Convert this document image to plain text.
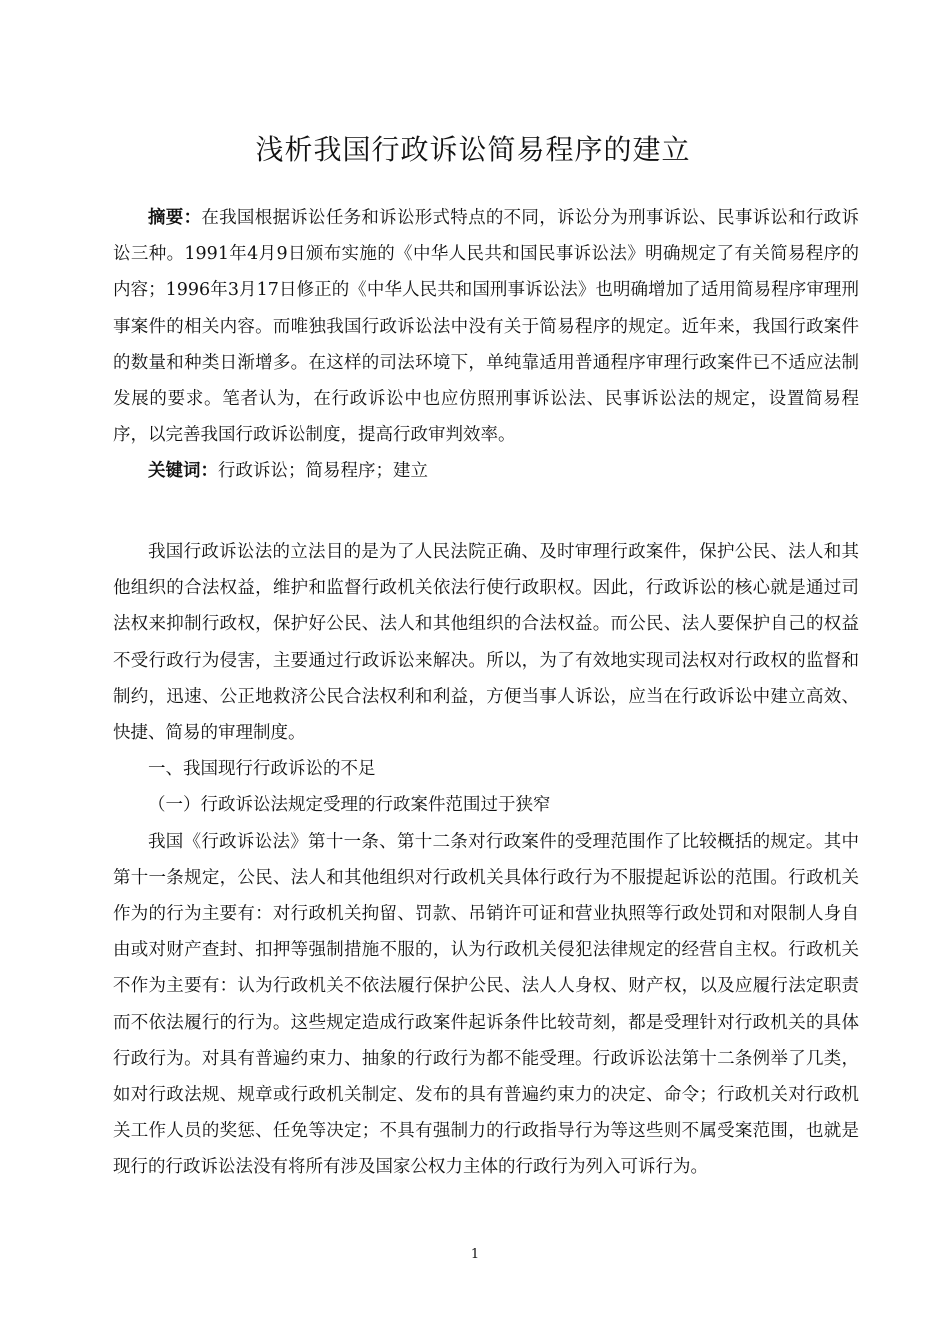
浅析我国行政诉讼简易程序的建立

摘要：在我国根据诉讼任务和诉讼形式特点的不同，诉讼分为刑事诉讼、民事诉讼和行政诉讼三种。1991年4月9日颁布实施的《中华人民共和国民事诉讼法》明确规定了有关简易程序的内容；1996年3月17日修正的《中华人民共和国刑事诉讼法》也明确增加了适用简易程序审理刑事案件的相关内容。而唯独我国行政诉讼法中没有关于简易程序的规定。近年来，我国行政案件的数量和种类日渐增多。在这样的司法环境下，单纯靠适用普通程序审理行政案件已不适应法制发展的要求。笔者认为，在行政诉讼中也应仿照刑事诉讼法、民事诉讼法的规定，设置简易程序，以完善我国行政诉讼制度，提高行政审判效率。

关键词：行政诉讼；简易程序；建立

我国行政诉讼法的立法目的是为了人民法院正确、及时审理行政案件，保护公民、法人和其他组织的合法权益，维护和监督行政机关依法行使行政职权。因此，行政诉讼的核心就是通过司法权来抑制行政权，保护好公民、法人和其他组织的合法权益。而公民、法人要保护自己的权益不受行政行为侵害，主要通过行政诉讼来解决。所以，为了有效地实现司法权对行政权的监督和制约，迅速、公正地救济公民合法权利和利益，方便当事人诉讼，应当在行政诉讼中建立高效、快捷、简易的审理制度。

一、我国现行行政诉讼的不足

（一）行政诉讼法规定受理的行政案件范围过于狭窄

我国《行政诉讼法》第十一条、第十二条对行政案件的受理范围作了比较概括的规定。其中第十一条规定，公民、法人和其他组织对行政机关具体行政行为不服提起诉讼的范围。行政机关作为的行为主要有：对行政机关拘留、罚款、吊销许可证和营业执照等行政处罚和对限制人身自由或对财产查封、扣押等强制措施不服的，认为行政机关侵犯法律规定的经营自主权。行政机关不作为主要有：认为行政机关不依法履行保护公民、法人人身权、财产权，以及应履行法定职责而不依法履行的行为。这些规定造成行政案件起诉条件比较苛刻，都是受理针对行政机关的具体行政行为。对具有普遍约束力、抽象的行政行为都不能受理。行政诉讼法第十二条例举了几类，如对行政法规、规章或行政机关制定、发布的具有普遍约束力的决定、命令；行政机关对行政机关工作人员的奖惩、任免等决定；不具有强制力的行政指导行为等这些则不属受案范围，也就是现行的行政诉讼法没有将所有涉及国家公权力主体的行政行为列入可诉行为。

1
